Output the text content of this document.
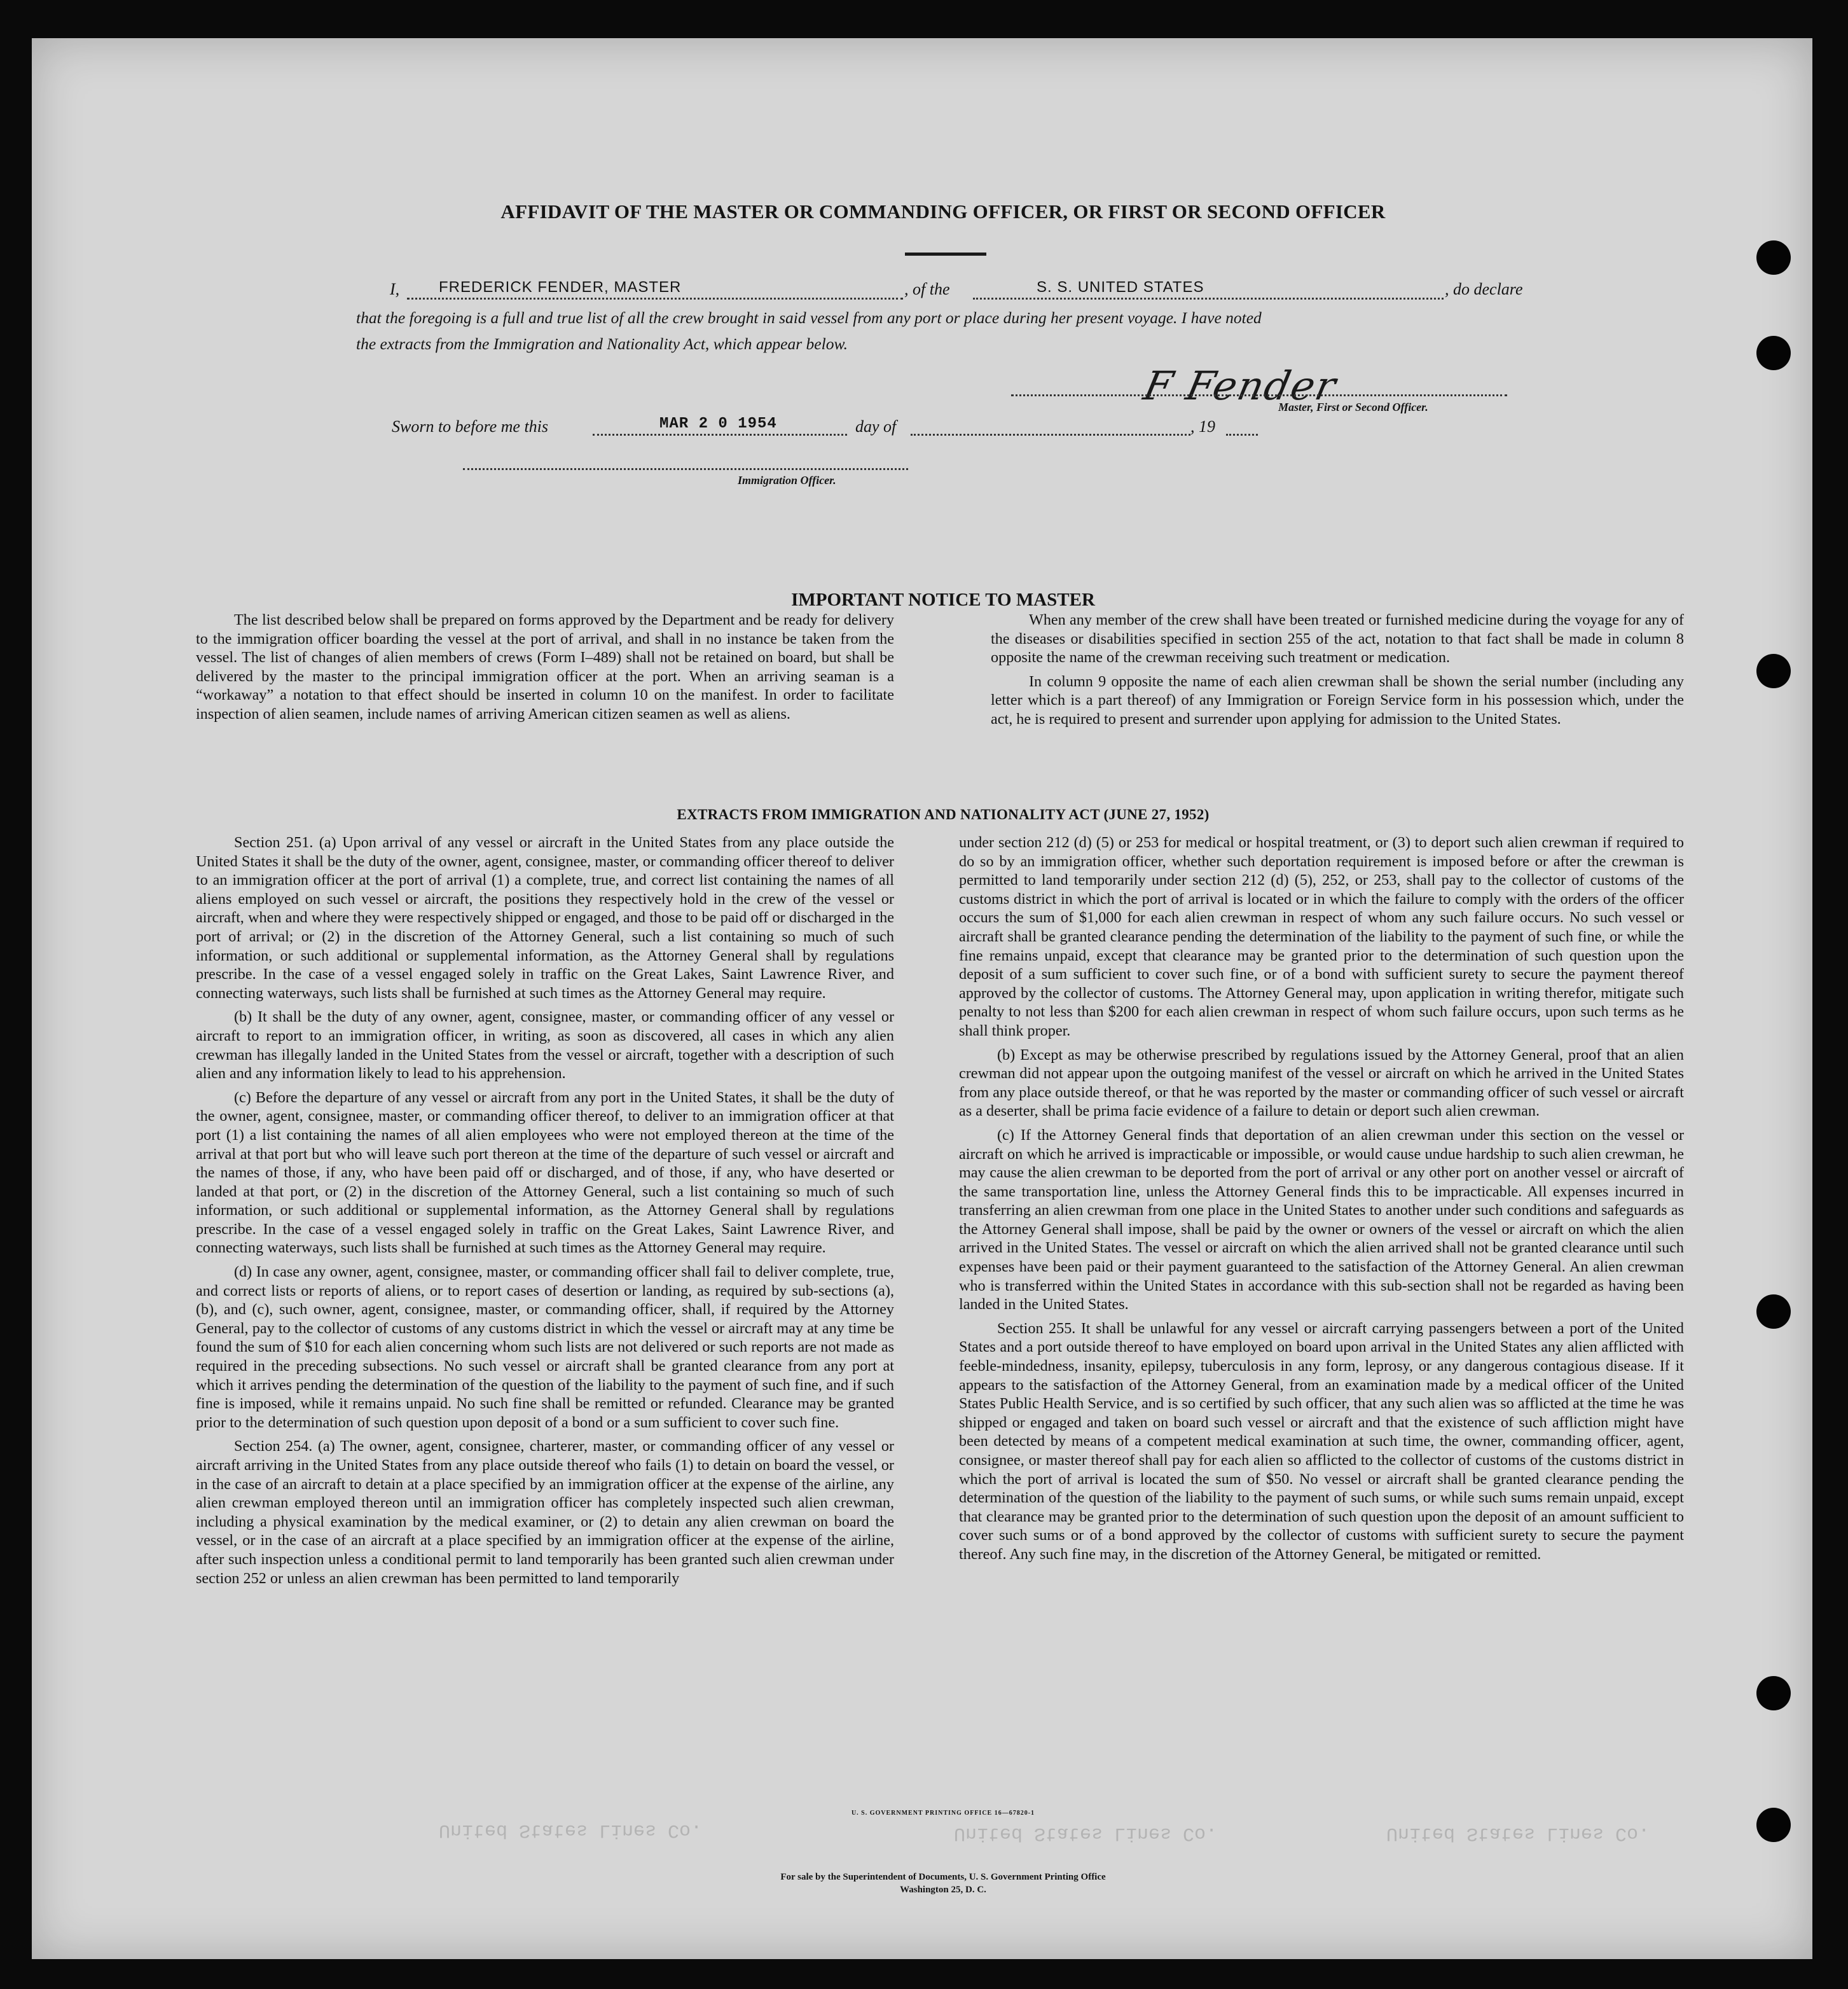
United States Lines Co.	United States Lines Co.	United States Lines Co.
AFFIDAVIT OF THE MASTER OR COMMANDING OFFICER, OR FIRST OR SECOND OFFICER
I,	FREDERICK FENDER, MASTER	, of the	S. S. UNITED STATES	, do declare
that the foregoing is a full and true list of all the crew brought in said vessel from any port or place during her present voyage. I have noted
the extracts from the Immigration and Nationality Act, which appear below.
F Fender
Master, First or Second Officer.
Sworn to before me this	MAR 2 0 1954	day of	, 19
Immigration Officer.
IMPORTANT NOTICE TO MASTER

The list described below shall be prepared on forms approved by the Department and be ready for delivery to the immigration officer boarding the vessel at the port of arrival, and shall in no instance be taken from the vessel. The list of changes of alien members of crews (Form I–489) shall not be retained on board, but shall be delivered by the master to the principal immigration officer at the port. When an arriving seaman is a “workaway” a notation to that effect should be inserted in column 10 on the manifest. In order to facilitate inspection of alien seamen, include names of arriving American citizen seamen as well as aliens.

When any member of the crew shall have been treated or furnished medicine during the voyage for any of the diseases or disabilities specified in section 255 of the act, notation to that fact shall be made in column 8 opposite the name of the crewman receiving such treatment or medication.

In column 9 opposite the name of each alien crewman shall be shown the serial number (including any letter which is a part thereof) of any Immigration or Foreign Service form in his possession which, under the act, he is required to present and surrender upon applying for admission to the United States.

EXTRACTS FROM IMMIGRATION AND NATIONALITY ACT (JUNE 27, 1952)

Section 251. (a) Upon arrival of any vessel or aircraft in the United States from any place outside the United States it shall be the duty of the owner, agent, consignee, master, or commanding officer thereof to deliver to an immigration officer at the port of arrival (1) a complete, true, and correct list containing the names of all aliens employed on such vessel or aircraft, the positions they respectively hold in the crew of the vessel or aircraft, when and where they were respectively shipped or engaged, and those to be paid off or discharged in the port of arrival; or (2) in the discretion of the Attorney General, such a list containing so much of such information, or such additional or supplemental information, as the Attorney General shall by regulations prescribe. In the case of a vessel engaged solely in traffic on the Great Lakes, Saint Lawrence River, and connecting waterways, such lists shall be furnished at such times as the Attorney General may require.

(b) It shall be the duty of any owner, agent, consignee, master, or commanding officer of any vessel or aircraft to report to an immigration officer, in writing, as soon as discovered, all cases in which any alien crewman has illegally landed in the United States from the vessel or aircraft, together with a description of such alien and any information likely to lead to his apprehension.

(c) Before the departure of any vessel or aircraft from any port in the United States, it shall be the duty of the owner, agent, consignee, master, or commanding officer thereof, to deliver to an immigration officer at that port (1) a list containing the names of all alien employees who were not employed thereon at the time of the arrival at that port but who will leave such port thereon at the time of the departure of such vessel or aircraft and the names of those, if any, who have been paid off or discharged, and of those, if any, who have deserted or landed at that port, or (2) in the discretion of the Attorney General, such a list containing so much of such information, or such additional or supplemental information, as the Attorney General shall by regulations prescribe. In the case of a vessel engaged solely in traffic on the Great Lakes, Saint Lawrence River, and connecting waterways, such lists shall be furnished at such times as the Attorney General may require.

(d) In case any owner, agent, consignee, master, or commanding officer shall fail to deliver complete, true, and correct lists or reports of aliens, or to report cases of desertion or landing, as required by sub-sections (a), (b), and (c), such owner, agent, consignee, master, or commanding officer, shall, if required by the Attorney General, pay to the collector of customs of any customs district in which the vessel or aircraft may at any time be found the sum of $10 for each alien concerning whom such lists are not delivered or such reports are not made as required in the preceding subsections. No such vessel or aircraft shall be granted clearance from any port at which it arrives pending the determination of the question of the liability to the payment of such fine, and if such fine is imposed, while it remains unpaid. No such fine shall be remitted or refunded. Clearance may be granted prior to the determination of such question upon deposit of a bond or a sum sufficient to cover such fine.

Section 254. (a) The owner, agent, consignee, charterer, master, or commanding officer of any vessel or aircraft arriving in the United States from any place outside thereof who fails (1) to detain on board the vessel, or in the case of an aircraft to detain at a place specified by an immigration officer at the expense of the airline, any alien crewman employed thereon until an immigration officer has completely inspected such alien crewman, including a physical examination by the medical examiner, or (2) to detain any alien crewman on board the vessel, or in the case of an aircraft at a place specified by an immigration officer at the expense of the airline, after such inspection unless a conditional permit to land temporarily has been granted such alien crewman under section 252 or unless an alien crewman has been permitted to land temporarily

under section 212 (d) (5) or 253 for medical or hospital treatment, or (3) to deport such alien crewman if required to do so by an immigration officer, whether such deportation requirement is imposed before or after the crewman is permitted to land temporarily under section 212 (d) (5), 252, or 253, shall pay to the collector of customs of the customs district in which the port of arrival is located or in which the failure to comply with the orders of the officer occurs the sum of $1,000 for each alien crewman in respect of whom any such failure occurs. No such vessel or aircraft shall be granted clearance pending the determination of the liability to the payment of such fine, or while the fine remains unpaid, except that clearance may be granted prior to the determination of such question upon the deposit of a sum sufficient to cover such fine, or of a bond with sufficient surety to secure the payment thereof approved by the collector of customs. The Attorney General may, upon application in writing therefor, mitigate such penalty to not less than $200 for each alien crewman in respect of whom such failure occurs, upon such terms as he shall think proper.

(b) Except as may be otherwise prescribed by regulations issued by the Attorney General, proof that an alien crewman did not appear upon the outgoing manifest of the vessel or aircraft on which he arrived in the United States from any place outside thereof, or that he was reported by the master or commanding officer of such vessel or aircraft as a deserter, shall be prima facie evidence of a failure to detain or deport such alien crewman.

(c) If the Attorney General finds that deportation of an alien crewman under this section on the vessel or aircraft on which he arrived is impracticable or impossible, or would cause undue hardship to such alien crewman, he may cause the alien crewman to be deported from the port of arrival or any other port on another vessel or aircraft of the same transportation line, unless the Attorney General finds this to be impracticable. All expenses incurred in transferring an alien crewman from one place in the United States to another under such conditions and safeguards as the Attorney General shall impose, shall be paid by the owner or owners of the vessel or aircraft on which the alien arrived in the United States. The vessel or aircraft on which the alien arrived shall not be granted clearance until such expenses have been paid or their payment guaranteed to the satisfaction of the Attorney General. An alien crewman who is transferred within the United States in accordance with this sub-section shall not be regarded as having been landed in the United States.

Section 255. It shall be unlawful for any vessel or aircraft carrying passengers between a port of the United States and a port outside thereof to have employed on board upon arrival in the United States any alien afflicted with feeble-mindedness, insanity, epilepsy, tuberculosis in any form, leprosy, or any dangerous contagious disease. If it appears to the satisfaction of the Attorney General, from an examination made by a medical officer of the United States Public Health Service, and is so certified by such officer, that any such alien was so afflicted at the time he was shipped or engaged and taken on board such vessel or aircraft and that the existence of such affliction might have been detected by means of a competent medical examination at such time, the owner, commanding officer, agent, consignee, or master thereof shall pay for each alien so afflicted to the collector of customs of the customs district in which the port of arrival is located the sum of $50. No vessel or aircraft shall be granted clearance pending the determination of the question of the liability to the payment of such sums, or while such sums remain unpaid, except that clearance may be granted prior to the determination of such question upon the deposit of an amount sufficient to cover such sums or of a bond approved by the collector of customs with sufficient surety to secure the payment thereof. Any such fine may, in the discretion of the Attorney General, be mitigated or remitted.

U. S. GOVERNMENT PRINTING OFFICE 16—67820-1
For sale by the Superintendent of Documents, U. S. Government Printing Office
Washington 25, D. C.
